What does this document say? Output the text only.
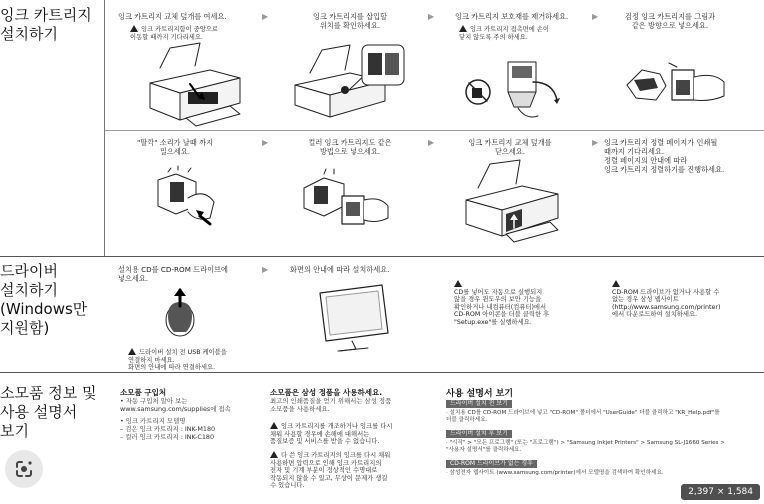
잉크 카트리지
설치하기
드라이버
설치하기
(Windows만
지원함)
소모품 정보 및
사용 설명서
보기
잉크 카트리지 교체 덮개를 여세요.
잉크 카트리지함이 중앙으로
이동할 때까지 기다리세요.
▶	잉크 카트리지를 삽입할
위치를 확인하세요.
▶	잉크 카트리지 보호재를 제거하세요.
잉크 카트리지 접촉면에 손이
닿지 않도록 주의 하세요.
▶	검정 잉크 카트리지를 그림과
같은 방향으로 넣으세요.
"딸깍" 소리가 날때 까지
밀으세요.
▶	컬러 잉크 카트리지도 같은
방법으로 넣으세요.
▶	잉크 카트리지 교체 덮개를
닫으세요.
▶ 잉크 카트리지 정렬 페이지가 인쇄될
때까지 기다리세요.
정렬 페이지의 안내에 따라
잉크 카트리지 정렬하기를 진행하세요.
설치용 CD를 CD-ROM 드라이브에
넣으세요.
드라이버 설치 전 USB 케이블을
연결하지 마세요.
화면의 안내에 따라 연결하세요.
▶	화면의 안내에 따라 설치하세요.

CD를 넣어도 자동으로 실행되지
않을 경우 윈도우의 보안 기능을
확인하거나 내컴퓨터(컴퓨터)에서
CD-ROM 아이콘을 더블 클릭한 후
"Setup.exe"를 실행하세요.

CD-ROM 드라이브가 없거나 사용할 수
없는 경우 삼성 웹사이트
(http://www.samsung.com/printer)
에서 다운로드하여 설치하세요.
소모품 구입처
• 자동 구입처 알아 보는
www.samsung.com/supplies에 접속
• 잉크 카트리지 모델명
– 검은 잉크 카트리지 : INK-M180
– 컬러 잉크 카트리지 : INK-C180
소모품은 삼성 정품을 사용하세요.
최고의 인쇄품질을 얻기 위해서는 삼성 정품
소모품을 사용하세요.
잉크 카트리지를 개조하거나 잉크를 다시
채워 사용할 경우에 손해에 대해서는
품질보증 및 서비스를 받을 수 없습니다.
다 쓴 잉크 카트리지의 잉크를 다시 채워
사용하면 압력으로 인해 잉크 카트리지의
전자 및 기계 부분이 정상적인 수명대로
작동되지 않을 수 있고, 무상이 문제가 생길
수 있습니다.
사용 설명서 보기
드라이버 설치 전 보기
· 설치용 CD를 CD-ROM 드라이브에 넣고 "CD-ROM" 폴더에서 "UserGuide" 더블 클릭하고 "KR_Help.pdf"를
더블 클릭하세요.
드라이버 설치 후 보기
· "시작" > "모든 프로그램" (또는 "프로그램") > "Samsung Inkjet Printers" > Samsung SL-J1660 Series >
"사용자 설명서"를 클릭하세요.
CD-ROM 드라이브가 없는 경우
· 삼성전자 웹사이트 (www.samsung.com/printer)에서 모델명을 검색하여 확인하세요.
2,397 × 1,584
